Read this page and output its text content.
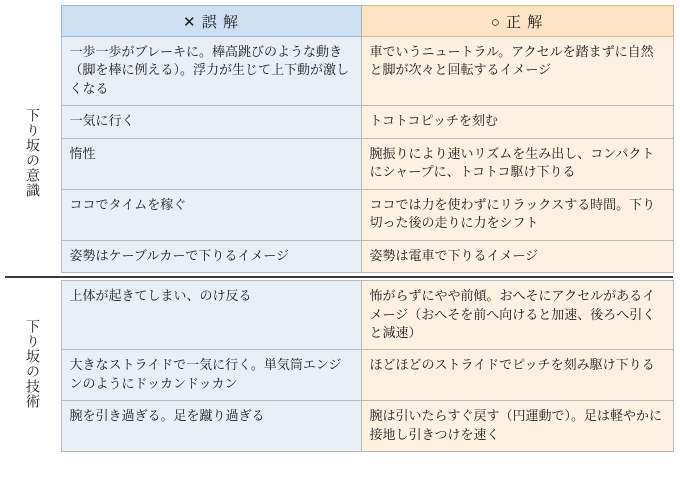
	✕ 誤 解	○ 正 解
下り坂の意識	一歩一歩がブレーキに。棒高跳びのような動き（脚を棒に例える）。浮力が生じて上下動が激しくなる	車でいうニュートラル。アクセルを踏まずに自然と脚が次々と回転するイメージ
	一気に行く	トコトコピッチを刻む
	惰性	腕振りにより速いリズムを生み出し、コンパクトにシャープに、トコトコ駆け下りる
	ココでタイムを稼ぐ	ココでは力を使わずにリラックスする時間。下り切った後の走りに力をシフト
	姿勢はケーブルカーで下りるイメージ	姿勢は電車で下りるイメージ

下り坂の技術	上体が起きてしまい、のけ反る	怖がらずにやや前傾。おへそにアクセルがあるイメージ（おへそを前へ向けると加速、後ろへ引くと減速）
	大きなストライドで一気に行く。単気筒エンジンのようにドッカンドッカン	ほどほどのストライドでピッチを刻み駆け下りる
	腕を引き過ぎる。足を蹴り過ぎる	腕は引いたらすぐ戻す（円運動で）。足は軽やかに接地し引きつけを速く
